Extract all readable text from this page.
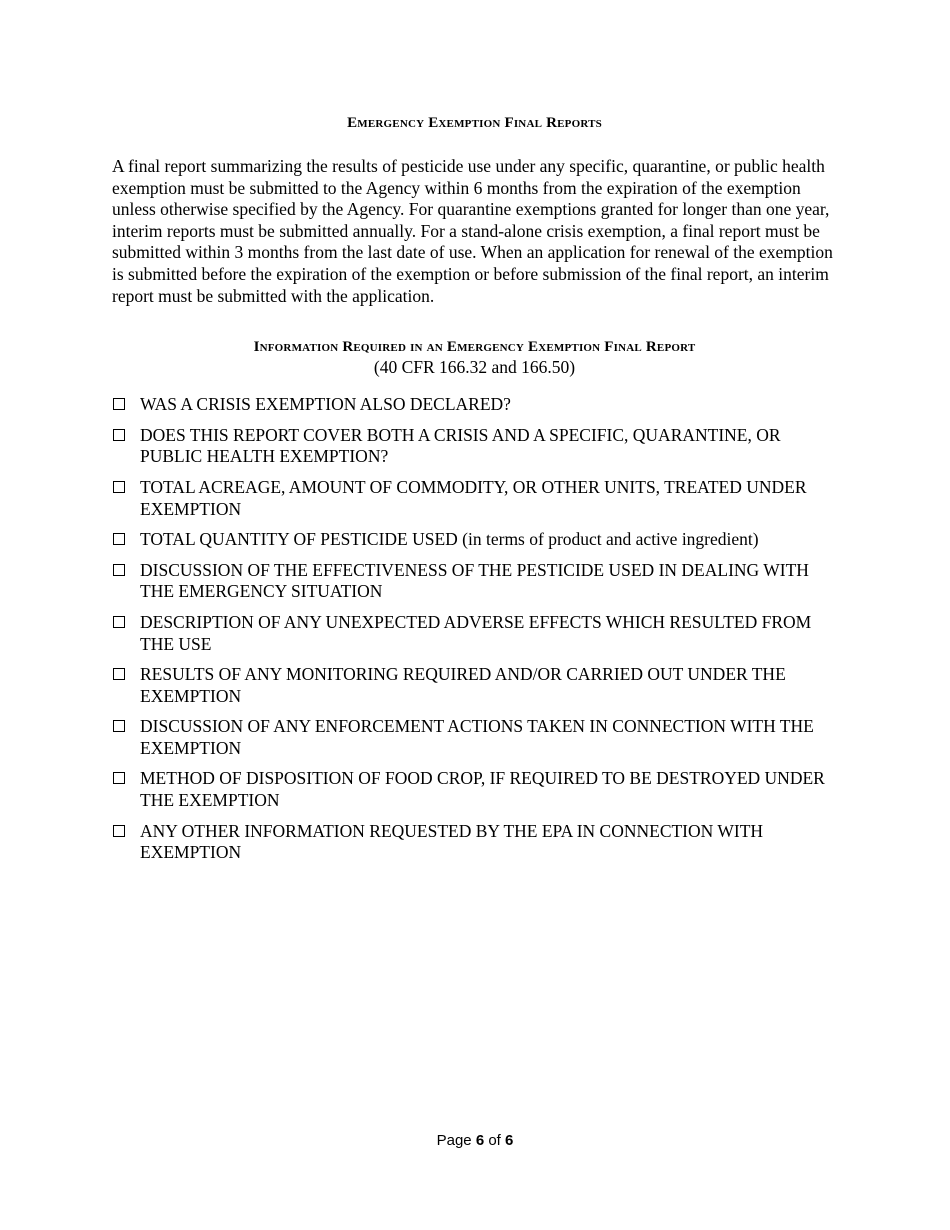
Emergency Exemption Final Reports

A final report summarizing the results of pesticide use under any specific, quarantine, or public health exemption must be submitted to the Agency within 6 months from the expiration of the exemption unless otherwise specified by the Agency. For quarantine exemptions granted for longer than one year, interim reports must be submitted annually. For a stand-alone crisis exemption, a final report must be submitted within 3 months from the last date of use. When an application for renewal of the exemption is submitted before the expiration of the exemption or before submission of the final report, an interim report must be submitted with the application.

Information Required in an Emergency Exemption Final Report

(40 CFR 166.32 and 166.50)

WAS A CRISIS EXEMPTION ALSO DECLARED?
DOES THIS REPORT COVER BOTH A CRISIS AND A SPECIFIC, QUARANTINE, OR PUBLIC HEALTH EXEMPTION?
TOTAL ACREAGE, AMOUNT OF COMMODITY, OR OTHER UNITS, TREATED UNDER EXEMPTION
TOTAL QUANTITY OF PESTICIDE USED (in terms of product and active ingredient)
DISCUSSION OF THE EFFECTIVENESS OF THE PESTICIDE USED IN DEALING WITH THE EMERGENCY SITUATION
DESCRIPTION OF ANY UNEXPECTED ADVERSE EFFECTS WHICH RESULTED FROM THE USE
RESULTS OF ANY MONITORING REQUIRED AND/OR CARRIED OUT UNDER THE EXEMPTION
DISCUSSION OF ANY ENFORCEMENT ACTIONS TAKEN IN CONNECTION WITH THE EXEMPTION
METHOD OF DISPOSITION OF FOOD CROP, IF REQUIRED TO BE DESTROYED UNDER THE EXEMPTION
ANY OTHER INFORMATION REQUESTED BY THE EPA IN CONNECTION WITH EXEMPTION
Page 6 of 6
